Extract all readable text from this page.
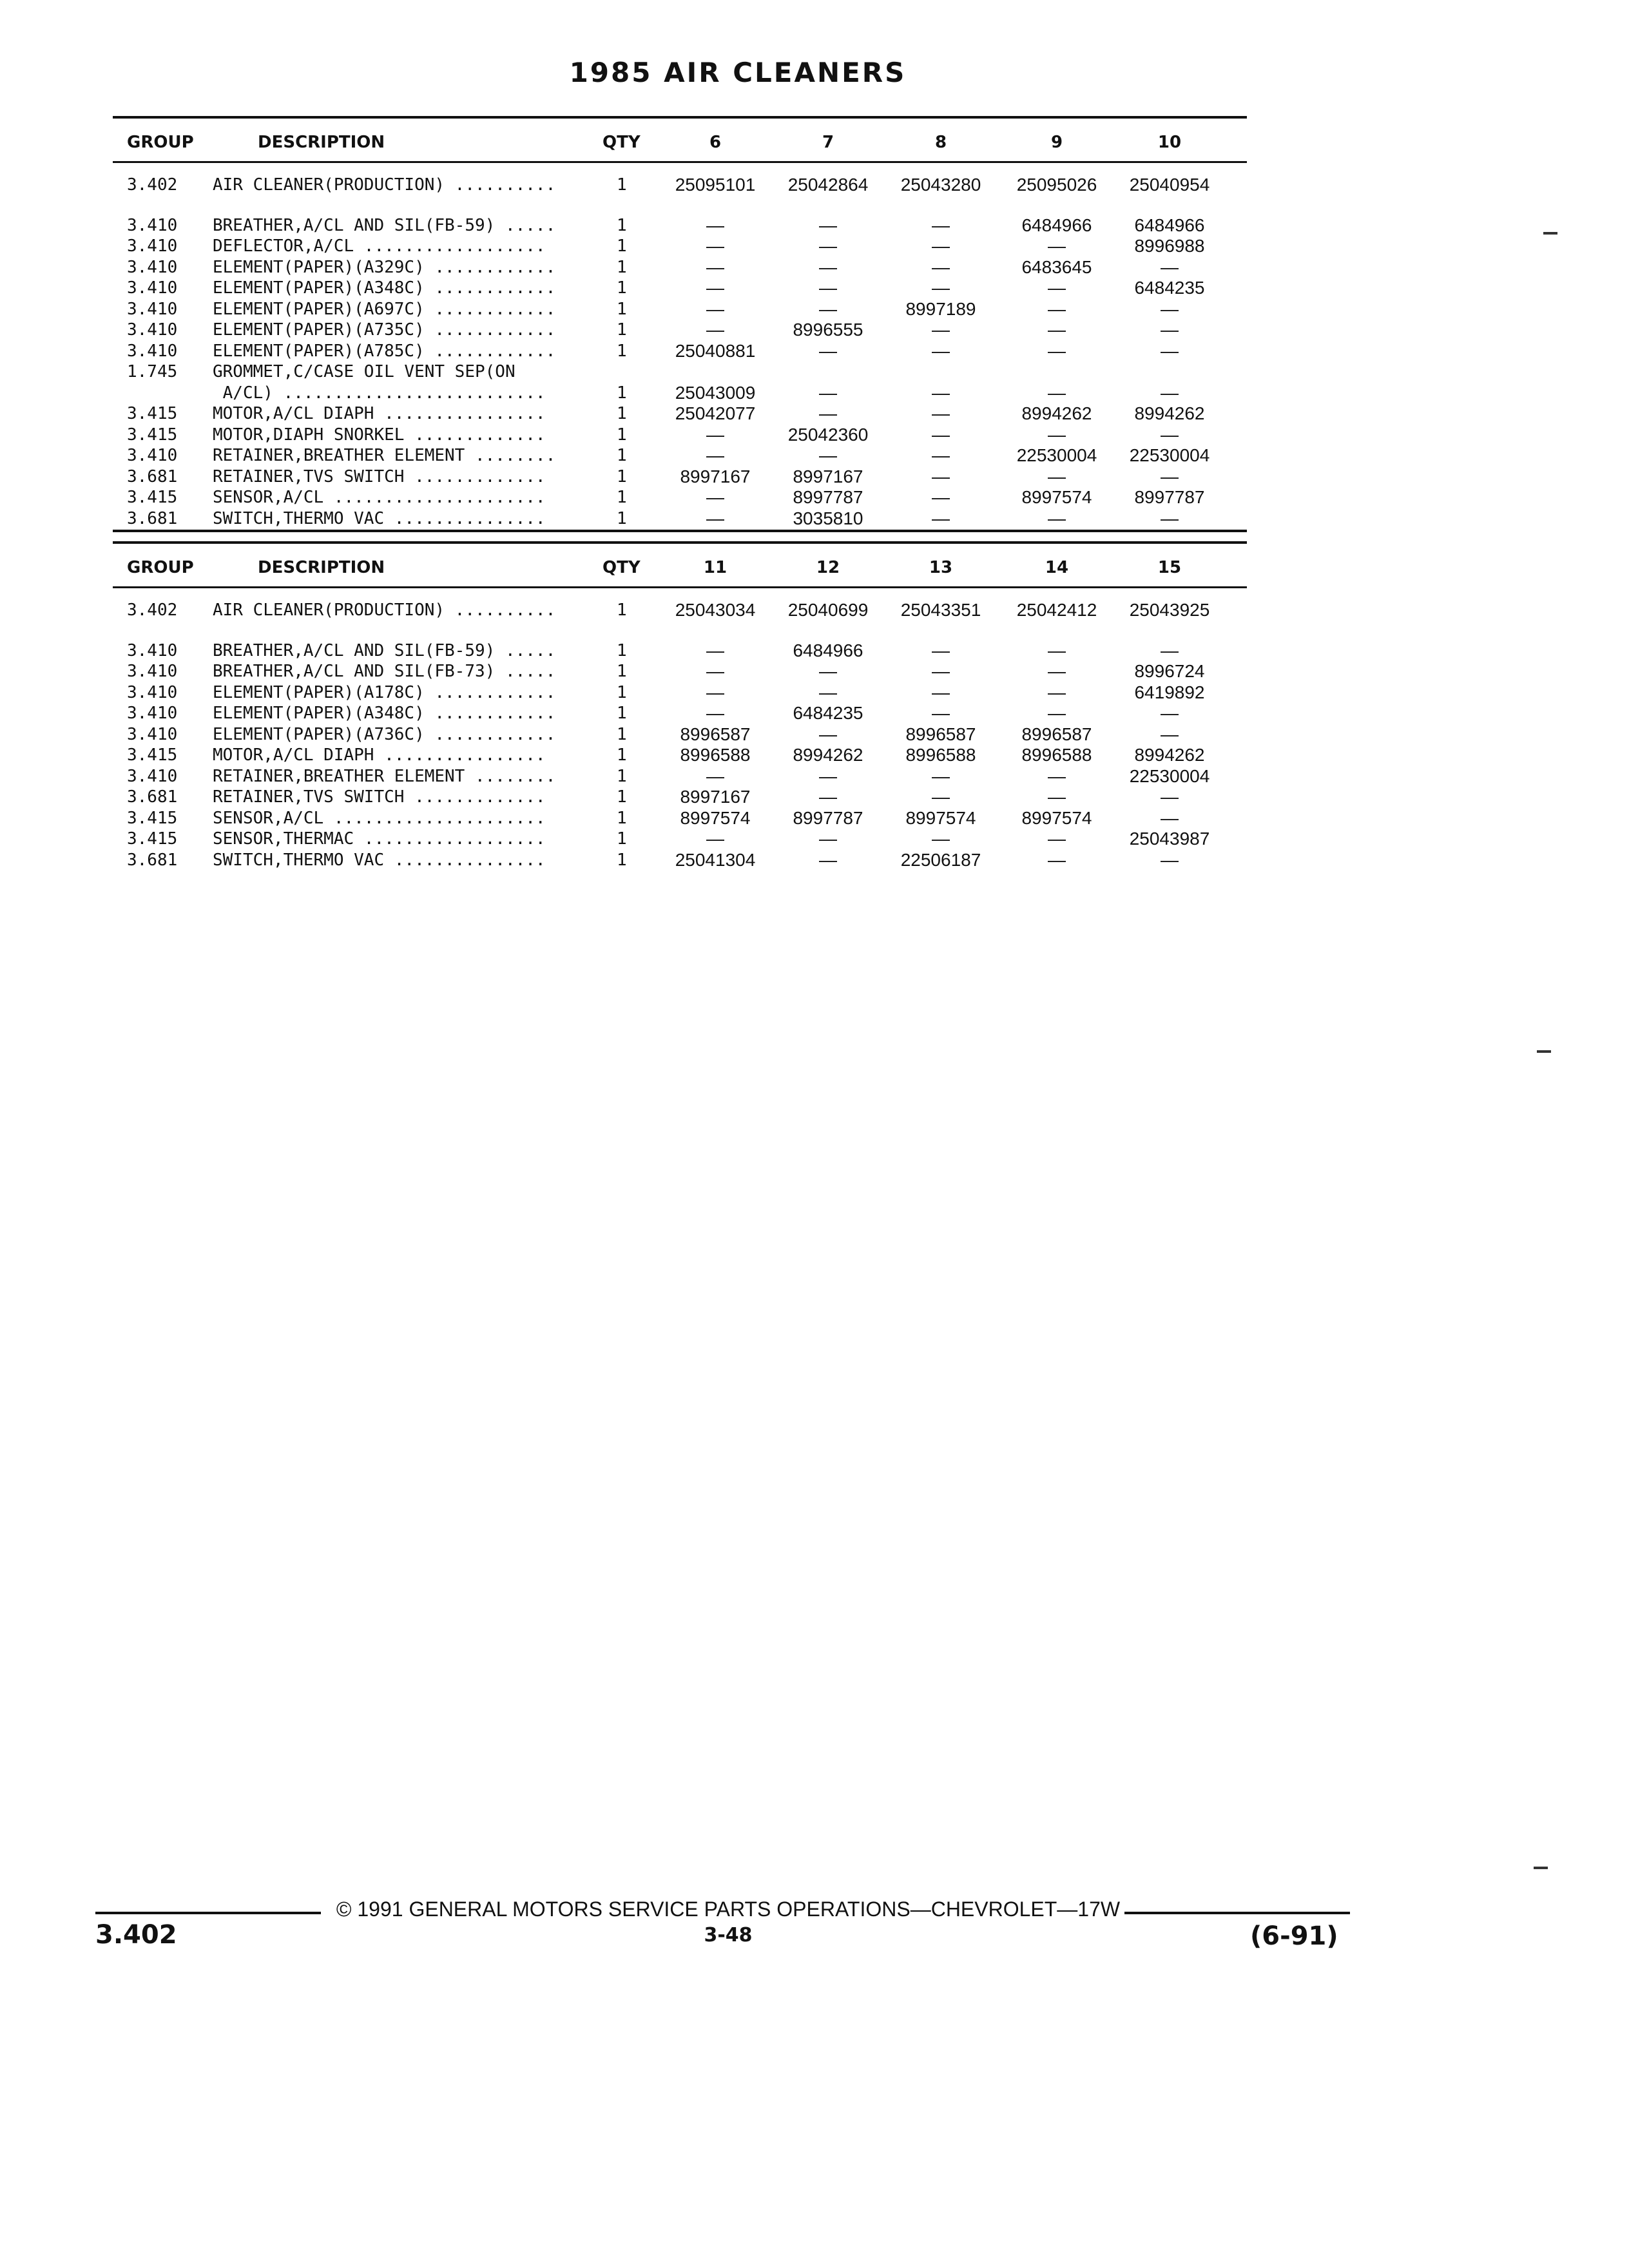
1985 AIR CLEANERS
GROUP	DESCRIPTION	QTY	6	7	8	9	10
3.402 AIR CLEANER(PRODUCTION) ..........	1	25095101	25042864	25043280	25095026	25040954
3.410 BREATHER,A/CL AND SIL(FB-59) .....	1	—	—	—	6484966	6484966
3.410 DEFLECTOR,A/CL ..................	1	—	—	—	—	8996988
3.410 ELEMENT(PAPER)(A329C) ............	1	—	—	—	6483645	—
3.410 ELEMENT(PAPER)(A348C) ............	1	—	—	—	—	6484235
3.410 ELEMENT(PAPER)(A697C) ............	1	—	—	8997189	—	—
3.410 ELEMENT(PAPER)(A735C) ............	1	—	8996555	—	—	—
3.410 ELEMENT(PAPER)(A785C) ............	1	25040881	—	—	—	—
1.745 GROMMET,C/CASE OIL VENT SEP(ON
A/CL) ..........................	1	25043009	—	—	—	—
3.415 MOTOR,A/CL DIAPH ................	1	25042077	—	—	8994262	8994262
3.415 MOTOR,DIAPH SNORKEL .............	1	—	25042360	—	—	—
3.410 RETAINER,BREATHER ELEMENT ........	1	—	—	—	22530004	22530004
3.681 RETAINER,TVS SWITCH .............	1	8997167	8997167	—	—	—
3.415 SENSOR,A/CL .....................	1	—	8997787	—	8997574	8997787
3.681 SWITCH,THERMO VAC ...............	1	—	3035810	—	—	—
GROUP	DESCRIPTION	QTY	11	12	13	14	15
3.402 AIR CLEANER(PRODUCTION) ..........	1	25043034	25040699	25043351	25042412	25043925
3.410 BREATHER,A/CL AND SIL(FB-59) .....	1	—	6484966	—	—	—
3.410 BREATHER,A/CL AND SIL(FB-73) .....	1	—	—	—	—	8996724
3.410 ELEMENT(PAPER)(A178C) ............	1	—	—	—	—	6419892
3.410 ELEMENT(PAPER)(A348C) ............	1	—	6484235	—	—	—
3.410 ELEMENT(PAPER)(A736C) ............	1	8996587	—	8996587	8996587	—
3.415 MOTOR,A/CL DIAPH ................	1	8996588	8994262	8996588	8996588	8994262
3.410 RETAINER,BREATHER ELEMENT ........	1	—	—	—	—	22530004
3.681 RETAINER,TVS SWITCH .............	1	8997167	—	—	—	—
3.415 SENSOR,A/CL .....................	1	8997574	8997787	8997574	8997574	—
3.415 SENSOR,THERMAC ..................	1	—	—	—	—	25043987
3.681 SWITCH,THERMO VAC ...............	1	25041304	—	22506187	—	—
© 1991 GENERAL MOTORS SERVICE PARTS OPERATIONS—CHEVROLET—17W
3.402	3-48	(6-91)
